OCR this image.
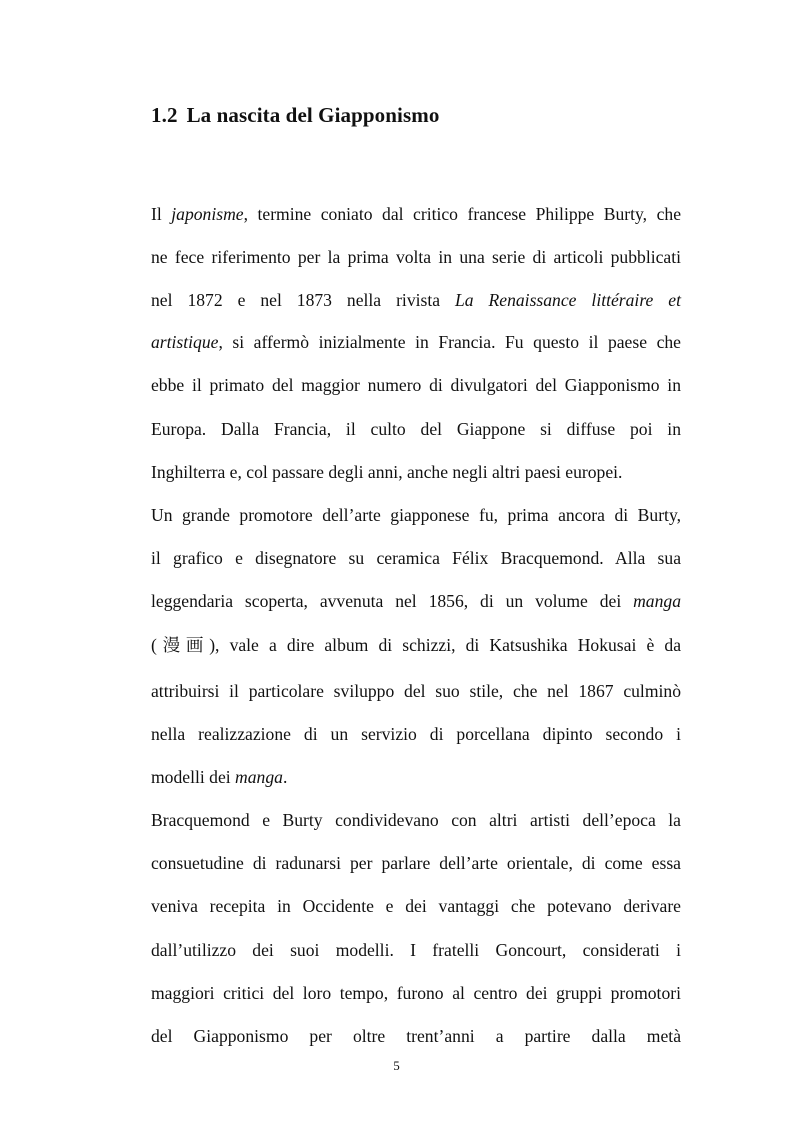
1.2 La nascita del Giapponismo
Il japonisme, termine coniato dal critico francese Philippe Burty, che
ne fece riferimento per la prima volta in una serie di articoli pubblicati
nel 1872 e nel 1873 nella rivista La Renaissance littéraire et
artistique, si affermò inizialmente in Francia. Fu questo il paese che
ebbe il primato del maggior numero di divulgatori del Giapponismo in
Europa. Dalla Francia, il culto del Giappone si diffuse poi in
Inghilterra e, col passare degli anni, anche negli altri paesi europei.
Un grande promotore dell’arte giapponese fu, prima ancora di Burty,
il grafico e disegnatore su ceramica Félix Bracquemond. Alla sua
leggendaria scoperta, avvenuta nel 1856, di un volume dei manga
(漫画), vale a dire album di schizzi, di Katsushika Hokusai è da
attribuirsi il particolare sviluppo del suo stile, che nel 1867 culminò
nella realizzazione di un servizio di porcellana dipinto secondo i
modelli dei manga.
Bracquemond e Burty condividevano con altri artisti dell’epoca la
consuetudine di radunarsi per parlare dell’arte orientale, di come essa
veniva recepita in Occidente e dei vantaggi che potevano derivare
dall’utilizzo dei suoi modelli. I fratelli Goncourt, considerati i
maggiori critici del loro tempo, furono al centro dei gruppi promotori
del Giapponismo per oltre trent’anni a partire dalla metà
5
